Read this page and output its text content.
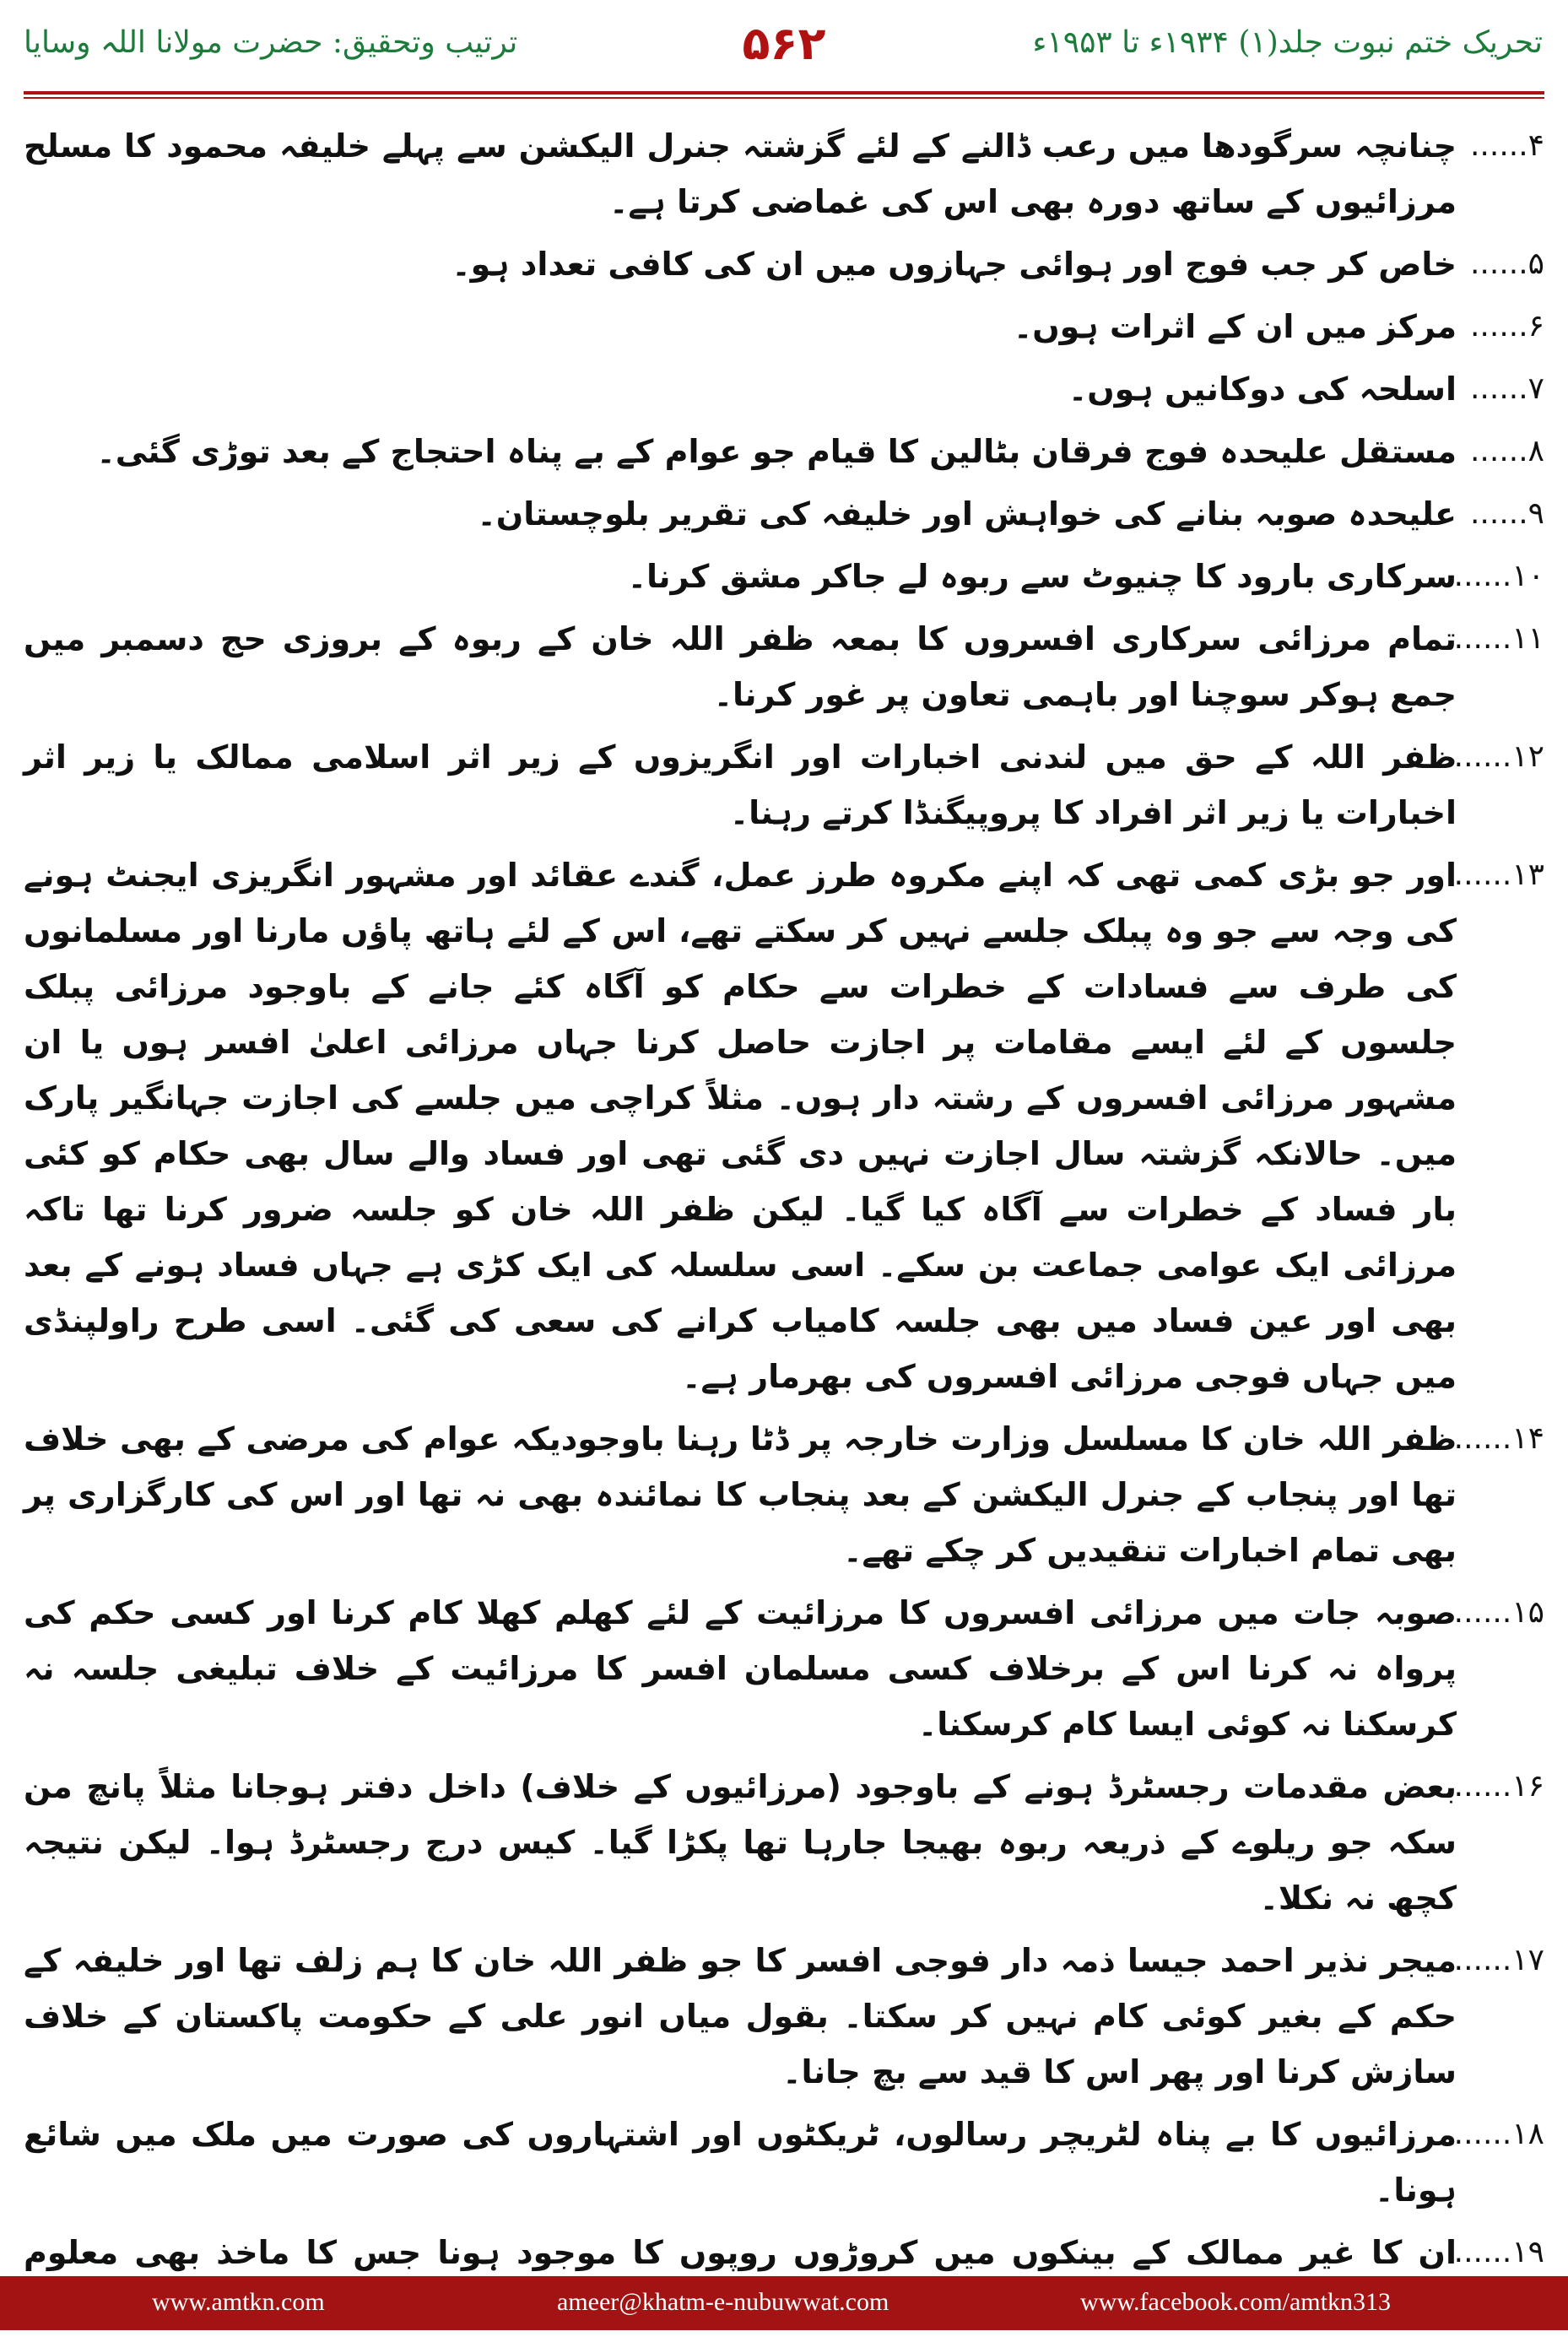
ترتیب وتحقیق: حضرت مولانا اللہ وسایا	۵۶۲	تحریک ختم نبوت جلد(۱) ۱۹۳۴ء تا ۱۹۵۳ء
۴......
چنانچہ سرگودھا میں رعب ڈالنے کے لئے گزشتہ جنرل الیکشن سے پہلے خلیفہ محمود کا مسلح مرزائیوں کے ساتھ دورہ بھی اس کی غماضی کرتا ہے۔
۵......
خاص کر جب فوج اور ہوائی جہازوں میں ان کی کافی تعداد ہو۔
۶......
مرکز میں ان کے اثرات ہوں۔
۷......
اسلحہ کی دوکانیں ہوں۔
۸......
مستقل علیحدہ فوج فرقان بٹالین کا قیام جو عوام کے بے پناہ احتجاج کے بعد توڑی گئی۔
۹......
علیحدہ صوبہ بنانے کی خواہش اور خلیفہ کی تقریر بلوچستان۔
۱۰......
سرکاری بارود کا چنیوٹ سے ربوہ لے جاکر مشق کرنا۔
۱۱......
تمام مرزائی سرکاری افسروں کا بمعہ ظفر اللہ خان کے ربوہ کے بروزی حج دسمبر میں جمع ہوکر سوچنا اور باہمی تعاون پر غور کرنا۔
۱۲......
ظفر اللہ کے حق میں لندنی اخبارات اور انگریزوں کے زیر اثر اسلامی ممالک یا زیر اثر اخبارات یا زیر اثر افراد کا پروپیگنڈا کرتے رہنا۔
۱۳......
اور جو بڑی کمی تھی کہ اپنے مکروہ طرز عمل، گندے عقائد اور مشہور انگریزی ایجنٹ ہونے کی وجہ سے جو وہ پبلک جلسے نہیں کر سکتے تھے، اس کے لئے ہاتھ پاؤں مارنا اور مسلمانوں کی طرف سے فسادات کے خطرات سے حکام کو آگاہ کئے جانے کے باوجود مرزائی پبلک جلسوں کے لئے ایسے مقامات پر اجازت حاصل کرنا جہاں مرزائی اعلیٰ افسر ہوں یا ان مشہور مرزائی افسروں کے رشتہ دار ہوں۔ مثلاً کراچی میں جلسے کی اجازت جہانگیر پارک میں۔ حالانکہ گزشتہ سال اجازت نہیں دی گئی تھی اور فساد والے سال بھی حکام کو کئی بار فساد کے خطرات سے آگاہ کیا گیا۔ لیکن ظفر اللہ خان کو جلسہ ضرور کرنا تھا تاکہ مرزائی ایک عوامی جماعت بن سکے۔ اسی سلسلہ کی ایک کڑی ہے جہاں فساد ہونے کے بعد بھی اور عین فساد میں بھی جلسہ کامیاب کرانے کی سعی کی گئی۔ اسی طرح راولپنڈی میں جہاں فوجی مرزائی افسروں کی بھرمار ہے۔
۱۴......
ظفر اللہ خان کا مسلسل وزارت خارجہ پر ڈٹا رہنا باوجودیکہ عوام کی مرضی کے بھی خلاف تھا اور پنجاب کے جنرل الیکشن کے بعد پنجاب کا نمائندہ بھی نہ تھا اور اس کی کارگزاری پر بھی تمام اخبارات تنقیدیں کر چکے تھے۔
۱۵......
صوبہ جات میں مرزائی افسروں کا مرزائیت کے لئے کھلم کھلا کام کرنا اور کسی حکم کی پرواہ نہ کرنا اس کے برخلاف کسی مسلمان افسر کا مرزائیت کے خلاف تبلیغی جلسہ نہ کرسکنا نہ کوئی ایسا کام کرسکنا۔
۱۶......
بعض مقدمات رجسٹرڈ ہونے کے باوجود (مرزائیوں کے خلاف) داخل دفتر ہوجانا مثلاً پانچ من سکہ جو ریلوے کے ذریعہ ربوہ بھیجا جارہا تھا پکڑا گیا۔ کیس درج رجسٹرڈ ہوا۔ لیکن نتیجہ کچھ نہ نکلا۔
۱۷......
میجر نذیر احمد جیسا ذمہ دار فوجی افسر کا جو ظفر اللہ خان کا ہم زلف تھا اور خلیفہ کے حکم کے بغیر کوئی کام نہیں کر سکتا۔ بقول میاں انور علی کے حکومت پاکستان کے خلاف سازش کرنا اور پھر اس کا قید سے بچ جانا۔
۱۸......
مرزائیوں کا بے پناہ لٹریچر رسالوں، ٹریکٹوں اور اشتہاروں کی صورت میں ملک میں شائع ہونا۔
۱۹......
ان کا غیر ممالک کے بینکوں میں کروڑوں روپوں کا موجود ہونا جس کا ماخذ بھی معلوم
www.amtkn.com	ameer@khatm-e-nubuwwat.com	www.facebook.com/amtkn313
